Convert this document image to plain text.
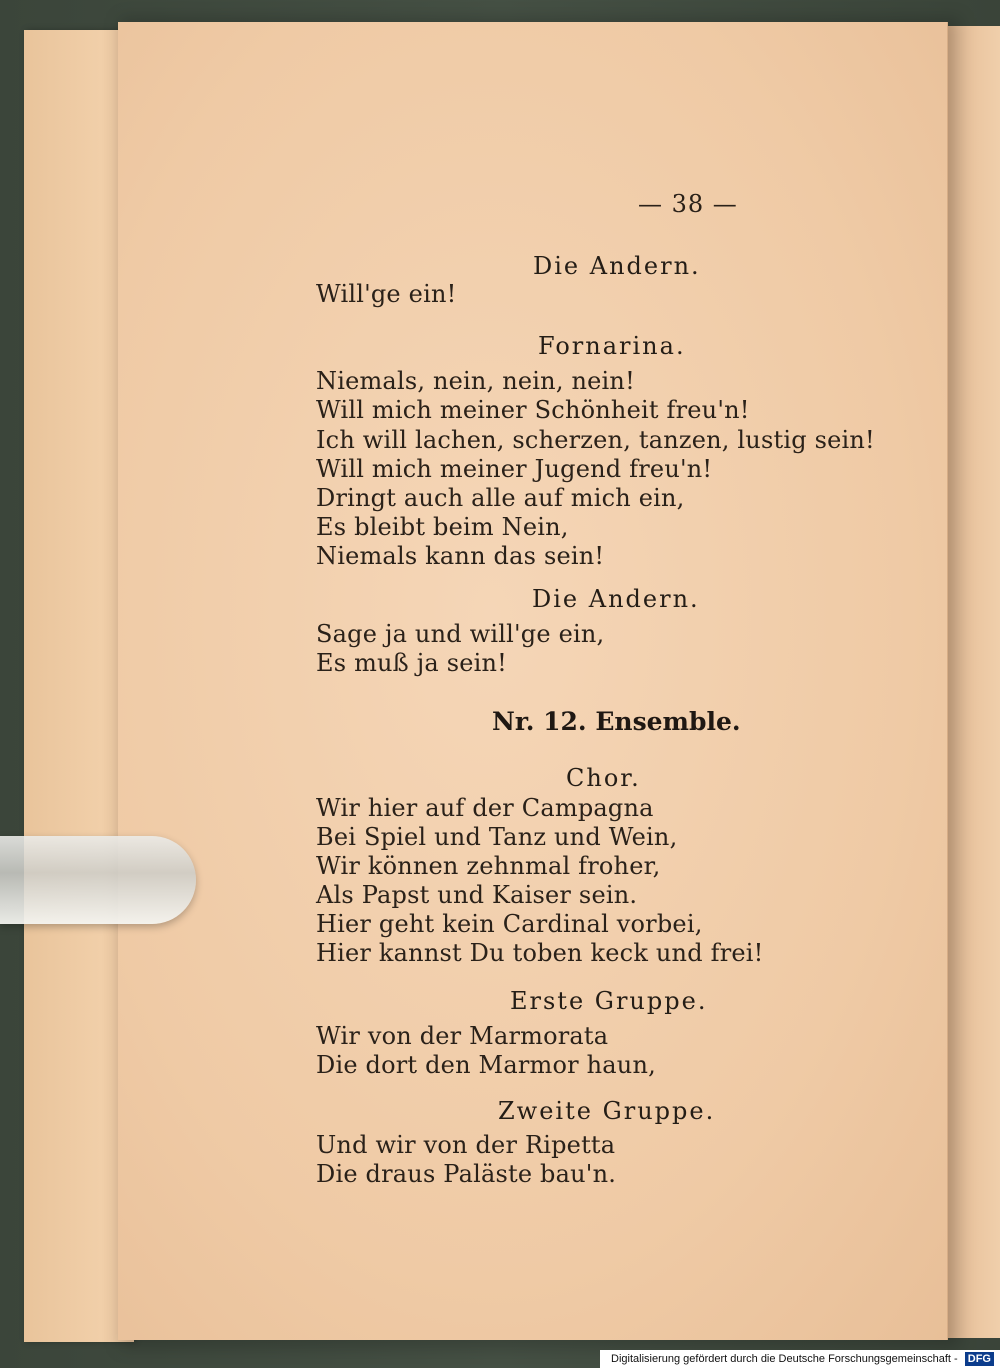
— 38 —
Die Andern.
Will'ge ein!
Fornarina.
Niemals, nein, nein, nein!
Will mich meiner Schönheit freu'n!
Ich will lachen, scherzen, tanzen, lustig sein!
Will mich meiner Jugend freu'n!
Dringt auch alle auf mich ein,
Es bleibt beim Nein,
Niemals kann das sein!
Die Andern.
Sage ja und will'ge ein,
Es muß ja sein!
Nr. 12. Ensemble.
Chor.
Wir hier auf der Campagna
Bei Spiel und Tanz und Wein,
Wir können zehnmal froher,
Als Papst und Kaiser sein.
Hier geht kein Cardinal vorbei,
Hier kannst Du toben keck und frei!
Erste Gruppe.
Wir von der Marmorata
Die dort den Marmor haun,
Zweite Gruppe.
Und wir von der Ripetta
Die draus Paläste bau'n.
Digitalisierung gefördert durch die Deutsche Forschungsgemeinschaft - DFG
